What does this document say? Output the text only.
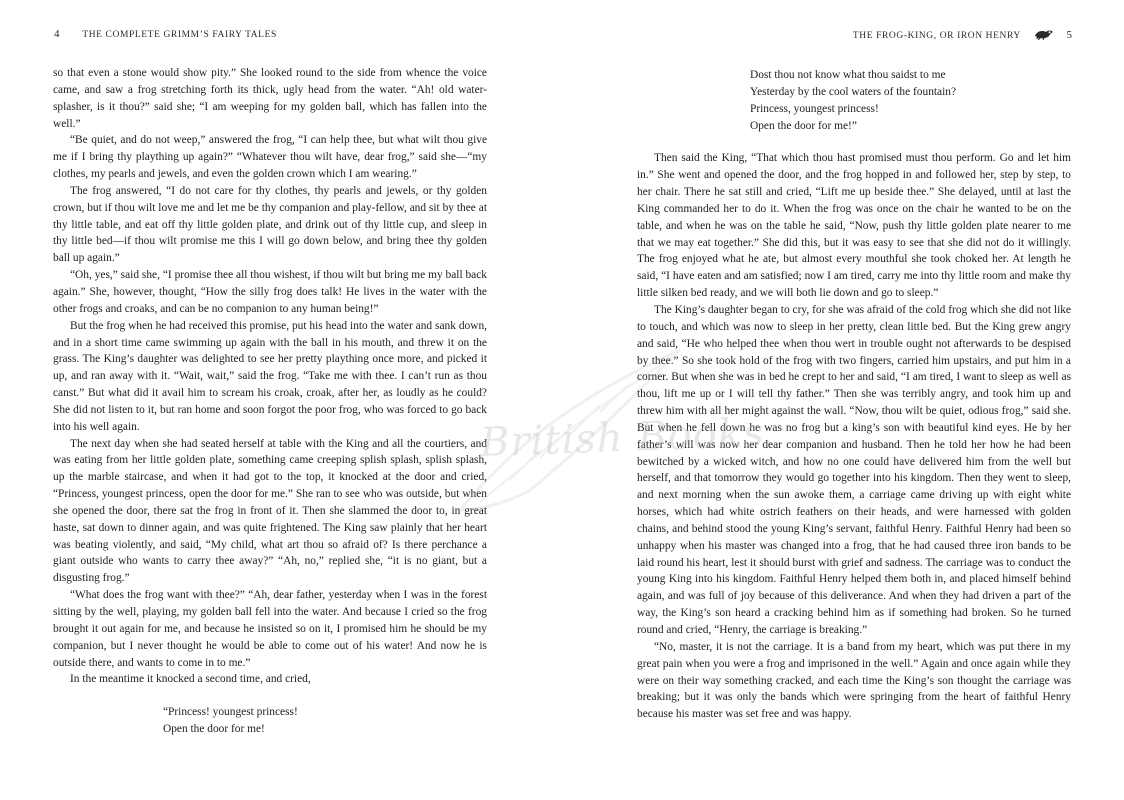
4 THE COMPLETE GRIMM’S FAIRY TALES

so that even a stone would show pity.” She looked round to the side from whence the voice came, and saw a frog stretching forth its thick, ugly head from the water. “Ah! old water-splasher, is it thou?” said she; “I am weeping for my golden ball, which has fallen into the well.”

“Be quiet, and do not weep,” answered the frog, “I can help thee, but what wilt thou give me if I bring thy plaything up again?” “Whatever thou wilt have, dear frog,” said she—“my clothes, my pearls and jewels, and even the golden crown which I am wearing.”

The frog answered, “I do not care for thy clothes, thy pearls and jewels, or thy golden crown, but if thou wilt love me and let me be thy companion and play-fellow, and sit by thee at thy little table, and eat off thy little golden plate, and drink out of thy little cup, and sleep in thy little bed—if thou wilt promise me this I will go down below, and bring thee thy golden ball up again.”

“Oh, yes,” said she, “I promise thee all thou wishest, if thou wilt but bring me my ball back again.” She, however, thought, “How the silly frog does talk! He lives in the water with the other frogs and croaks, and can be no companion to any human being!”

But the frog when he had received this promise, put his head into the water and sank down, and in a short time came swimming up again with the ball in his mouth, and threw it on the grass. The King’s daughter was delighted to see her pretty plaything once more, and picked it up, and ran away with it. “Wait, wait,” said the frog. “Take me with thee. I can’t run as thou canst.” But what did it avail him to scream his croak, croak, after her, as loudly as he could? She did not listen to it, but ran home and soon forgot the poor frog, who was forced to go back into his well again.

The next day when she had seated herself at table with the King and all the courtiers, and was eating from her little golden plate, something came creeping splish splash, splish splash, up the marble staircase, and when it had got to the top, it knocked at the door and cried, “Princess, youngest princess, open the door for me.” She ran to see who was outside, but when she opened the door, there sat the frog in front of it. Then she slammed the door to, in great haste, sat down to dinner again, and was quite frightened. The King saw plainly that her heart was beating violently, and said, “My child, what art thou so afraid of? Is there perchance a giant outside who wants to carry thee away?” “Ah, no,” replied she, “it is no giant, but a disgusting frog.”

“What does the frog want with thee?” “Ah, dear father, yesterday when I was in the forest sitting by the well, playing, my golden ball fell into the water. And because I cried so the frog brought it out again for me, and because he insisted so on it, I promised him he should be my companion, but I never thought he would be able to come out of his water! And now he is outside there, and wants to come in to me.”

In the meantime it knocked a second time, and cried,

“Princess! youngest princess!
Open the door for me!
THE FROG-KING, OR IRON HENRY	5
Dost thou not know what thou saidst to me
Yesterday by the cool waters of the fountain?
Princess, youngest princess!
Open the door for me!”

Then said the King, “That which thou hast promised must thou perform. Go and let him in.” She went and opened the door, and the frog hopped in and followed her, step by step, to her chair. There he sat still and cried, “Lift me up beside thee.” She delayed, until at last the King commanded her to do it. When the frog was once on the chair he wanted to be on the table, and when he was on the table he said, “Now, push thy little golden plate nearer to me that we may eat together.” She did this, but it was easy to see that she did not do it willingly. The frog enjoyed what he ate, but almost every mouthful she took choked her. At length he said, “I have eaten and am satisfied; now I am tired, carry me into thy little room and make thy little silken bed ready, and we will both lie down and go to sleep.”

The King’s daughter began to cry, for she was afraid of the cold frog which she did not like to touch, and which was now to sleep in her pretty, clean little bed. But the King grew angry and said, “He who helped thee when thou wert in trouble ought not afterwards to be despised by thee.” So she took hold of the frog with two fingers, carried him upstairs, and put him in a corner. But when she was in bed he crept to her and said, “I am tired, I want to sleep as well as thou, lift me up or I will tell thy father.” Then she was terribly angry, and took him up and threw him with all her might against the wall. “Now, thou wilt be quiet, odious frog,” said she. But when he fell down he was no frog but a king’s son with beautiful kind eyes. He by her father’s will was now her dear companion and husband. Then he told her how he had been bewitched by a wicked witch, and how no one could have delivered him from the well but herself, and that tomorrow they would go together into his kingdom. Then they went to sleep, and next morning when the sun awoke them, a carriage came driving up with eight white horses, which had white ostrich feathers on their heads, and were harnessed with golden chains, and behind stood the young King’s servant, faithful Henry. Faithful Henry had been so unhappy when his master was changed into a frog, that he had caused three iron bands to be laid round his heart, lest it should burst with grief and sadness. The carriage was to conduct the young King into his kingdom. Faithful Henry helped them both in, and placed himself behind again, and was full of joy because of this deliverance. And when they had driven a part of the way, the King’s son heard a cracking behind him as if something had broken. So he turned round and cried, “Henry, the carriage is breaking.”

“No, master, it is not the carriage. It is a band from my heart, which was put there in my great pain when you were a frog and imprisoned in the well.” Again and once again while they were on their way something cracked, and each time the King’s son thought the carriage was breaking; but it was only the bands which were springing from the heart of faithful Henry because his master was set free and was happy.

British Books
